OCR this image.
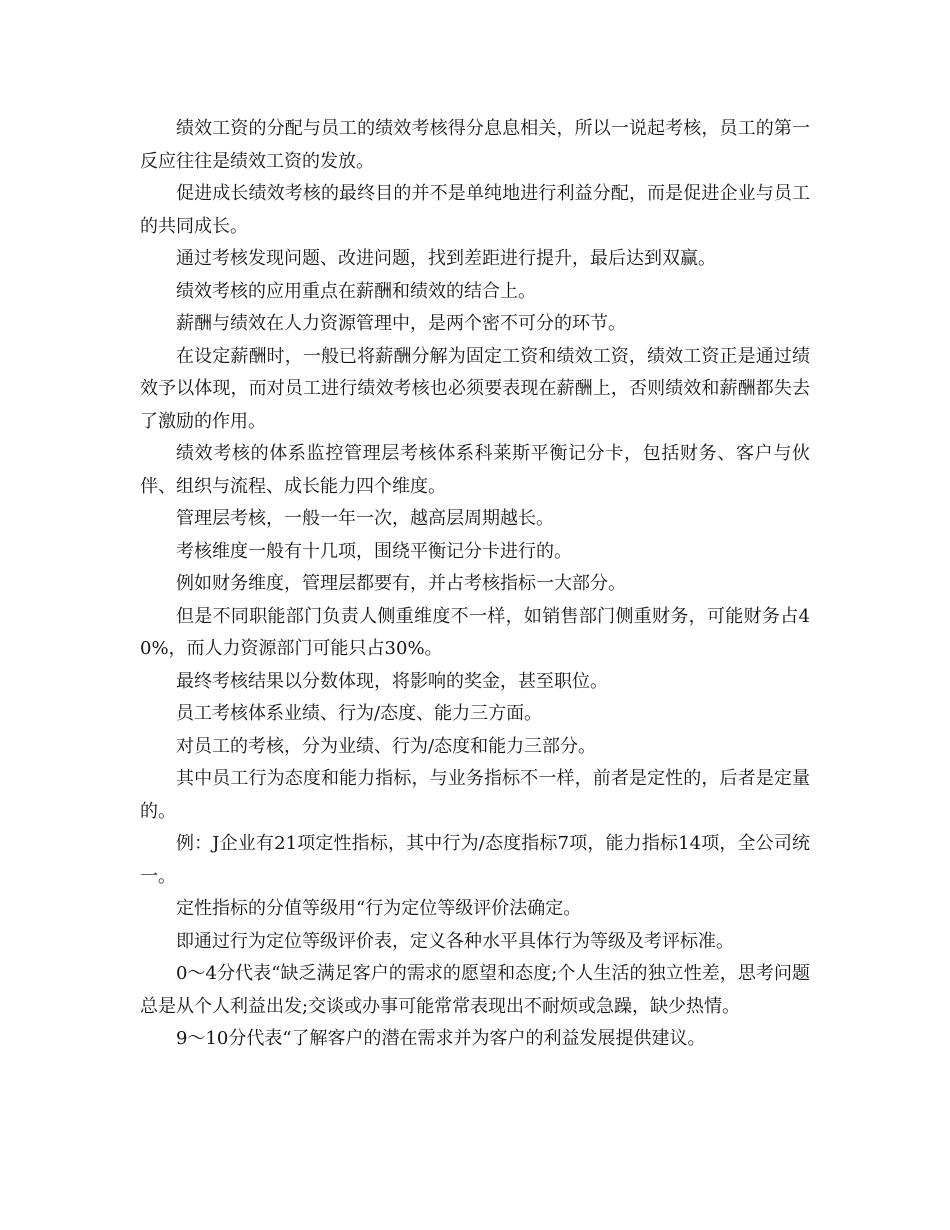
绩效工资的分配与员工的绩效考核得分息息相关，所以一说起考核，员工的第一反应往往是绩效工资的发放。

促进成长绩效考核的最终目的并不是单纯地进行利益分配，而是促进企业与员工的共同成长。

通过考核发现问题、改进问题，找到差距进行提升，最后达到双赢。

绩效考核的应用重点在薪酬和绩效的结合上。

薪酬与绩效在人力资源管理中，是两个密不可分的环节。

在设定薪酬时，一般已将薪酬分解为固定工资和绩效工资，绩效工资正是通过绩效予以体现，而对员工进行绩效考核也必须要表现在薪酬上，否则绩效和薪酬都失去了激励的作用。

绩效考核的体系监控管理层考核体系科莱斯平衡记分卡，包括财务、客户与伙伴、组织与流程、成长能力四个维度。

管理层考核，一般一年一次，越高层周期越长。

考核维度一般有十几项，围绕平衡记分卡进行的。

例如财务维度，管理层都要有，并占考核指标一大部分。

但是不同职能部门负责人侧重维度不一样，如销售部门侧重财务，可能财务占40%，而人力资源部门可能只占30%。

最终考核结果以分数体现，将影响的奖金，甚至职位。

员工考核体系业绩、行为/态度、能力三方面。

对员工的考核，分为业绩、行为/态度和能力三部分。

其中员工行为态度和能力指标，与业务指标不一样，前者是定性的，后者是定量的。

例：J企业有21项定性指标，其中行为/态度指标7项，能力指标14项，全公司统一。

定性指标的分值等级用“行为定位等级评价法确定。

即通过行为定位等级评价表，定义各种水平具体行为等级及考评标准。

0～4分代表“缺乏满足客户的需求的愿望和态度;个人生活的独立性差，思考问题总是从个人利益出发;交谈或办事可能常常表现出不耐烦或急躁，缺少热情。

9～10分代表“了解客户的潜在需求并为客户的利益发展提供建议。
